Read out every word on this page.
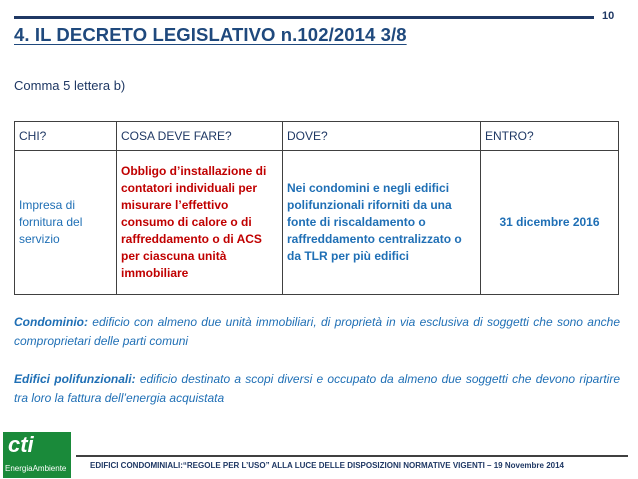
10
4. IL DECRETO LEGISLATIVO n.102/2014 3/8
Comma 5 lettera b)
CHI?	COSA DEVE FARE?	DOVE?	ENTRO?
Impresa di fornitura del servizio	Obbligo d’installazione di contatori individuali per misurare l’effettivo consumo di calore o di raffreddamento o di ACS per ciascuna unità immobiliare	Nei condomini e negli edifici polifunzionali riforniti da una fonte di riscaldamento o raffreddamento centralizzato o da TLR per più edifici	31 dicembre 2016
Condominio: edificio con almeno due unità immobiliari, di proprietà in via esclusiva di soggetti che sono anche comproprietari delle parti comuni
Edifici polifunzionali: edificio destinato a scopi diversi e occupato da almeno due soggetti che devono ripartire tra loro la fattura dell’energia acquistata
cti
EnergiaAmbiente	EDIFICI CONDOMINIALI:“REGOLE PER L’USO” ALLA LUCE DELLE DISPOSIZIONI NORMATIVE VIGENTI – 19 Novembre 2014
